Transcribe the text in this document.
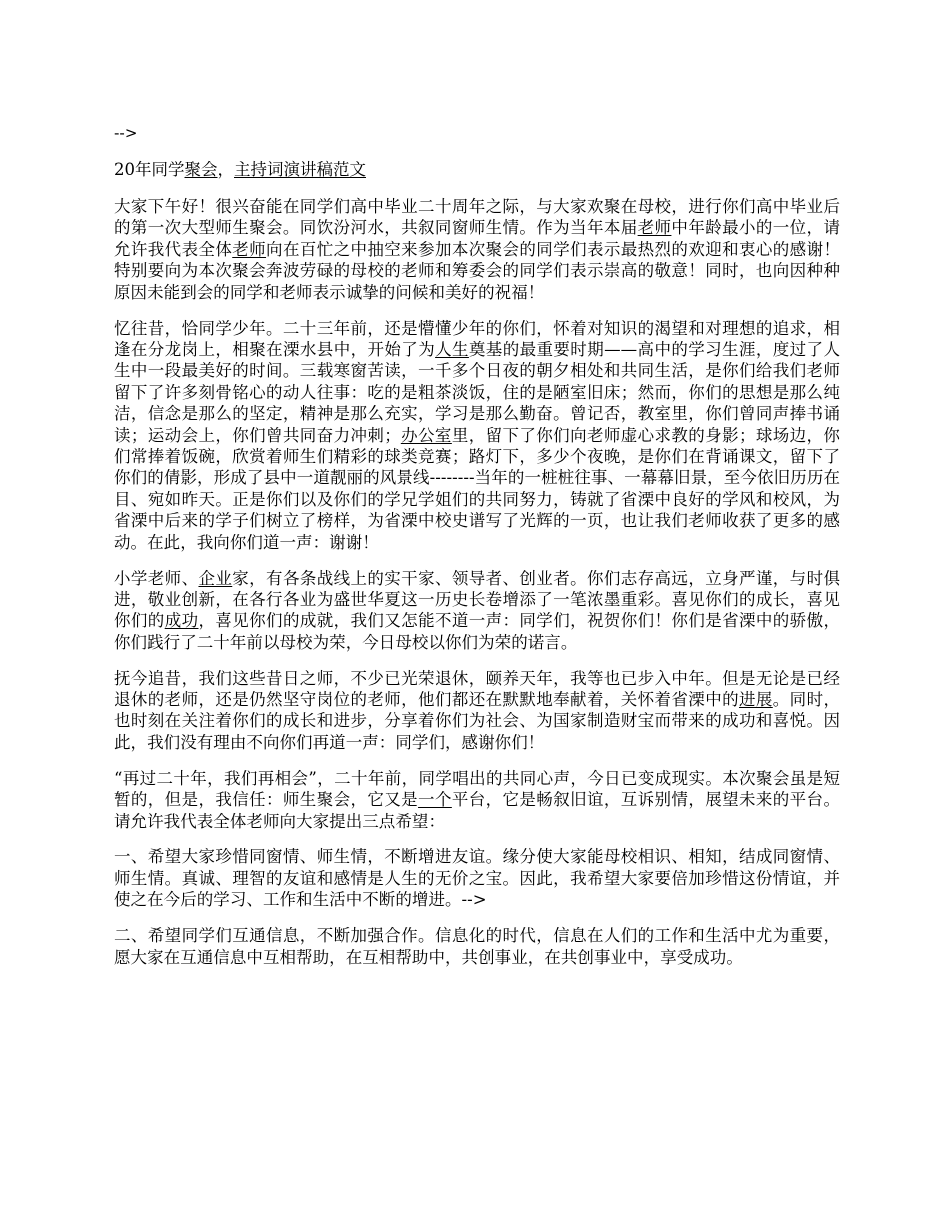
-->
20年同学聚会，主持词演讲稿范文

大家下午好！很兴奋能在同学们高中毕业二十周年之际，与大家欢聚在母校，进行你们高中毕业后的第一次大型师生聚会。同饮汾河水，共叙同窗师生情。作为当年本届老师中年龄最小的一位，请允许我代表全体老师向在百忙之中抽空来参加本次聚会的同学们表示最热烈的欢迎和衷心的感谢！特别要向为本次聚会奔波劳碌的母校的老师和筹委会的同学们表示崇高的敬意！同时，也向因种种原因未能到会的同学和老师表示诚挚的问候和美好的祝福！

忆往昔，恰同学少年。二十三年前，还是懵懂少年的你们，怀着对知识的渴望和对理想的追求，相逢在分龙岗上，相聚在溧水县中，开始了为人生奠基的最重要时期——高中的学习生涯，度过了人生中一段最美好的时间。三载寒窗苦读，一千多个日夜的朝夕相处和共同生活，是你们给我们老师留下了许多刻骨铭心的动人往事：吃的是粗茶淡饭，住的是陋室旧床；然而，你们的思想是那么纯洁，信念是那么的坚定，精神是那么充实，学习是那么勤奋。曾记否，教室里，你们曾同声捧书诵读；运动会上，你们曾共同奋力冲刺；办公室里，留下了你们向老师虚心求教的身影；球场边，你们常捧着饭碗，欣赏着师生们精彩的球类竞赛；路灯下，多少个夜晚，是你们在背诵课文，留下了你们的倩影，形成了县中一道靓丽的风景线--------当年的一桩桩往事、一幕幕旧景，至今依旧历历在目、宛如昨天。正是你们以及你们的学兄学姐们的共同努力，铸就了省溧中良好的学风和校风，为省溧中后来的学子们树立了榜样，为省溧中校史谱写了光辉的一页，也让我们老师收获了更多的感动。在此，我向你们道一声：谢谢！

小学老师、企业家，有各条战线上的实干家、领导者、创业者。你们志存高远，立身严谨，与时俱进，敬业创新，在各行各业为盛世华夏这一历史长卷增添了一笔浓墨重彩。喜见你们的成长，喜见你们的成功，喜见你们的成就，我们又怎能不道一声：同学们，祝贺你们！你们是省溧中的骄傲，你们践行了二十年前以母校为荣，今日母校以你们为荣的诺言。

抚今追昔，我们这些昔日之师，不少已光荣退休，颐养天年，我等也已步入中年。但是无论是已经退休的老师，还是仍然坚守岗位的老师，他们都还在默默地奉献着，关怀着省溧中的进展。同时，也时刻在关注着你们的成长和进步，分享着你们为社会、为国家制造财宝而带来的成功和喜悦。因此，我们没有理由不向你们再道一声：同学们，感谢你们！

“再过二十年，我们再相会”，二十年前，同学唱出的共同心声，今日已变成现实。本次聚会虽是短暂的，但是，我信任：师生聚会，它又是一个平台，它是畅叙旧谊，互诉别情，展望未来的平台。请允许我代表全体老师向大家提出三点希望：

一、希望大家珍惜同窗情、师生情，不断增进友谊。缘分使大家能母校相识、相知，结成同窗情、师生情。真诚、理智的友谊和感情是人生的无价之宝。因此，我希望大家要倍加珍惜这份情谊，并使之在今后的学习、工作和生活中不断的增进。-->

二、希望同学们互通信息，不断加强合作。信息化的时代，信息在人们的工作和生活中尤为重要，愿大家在互通信息中互相帮助，在互相帮助中，共创事业，在共创事业中，享受成功。
